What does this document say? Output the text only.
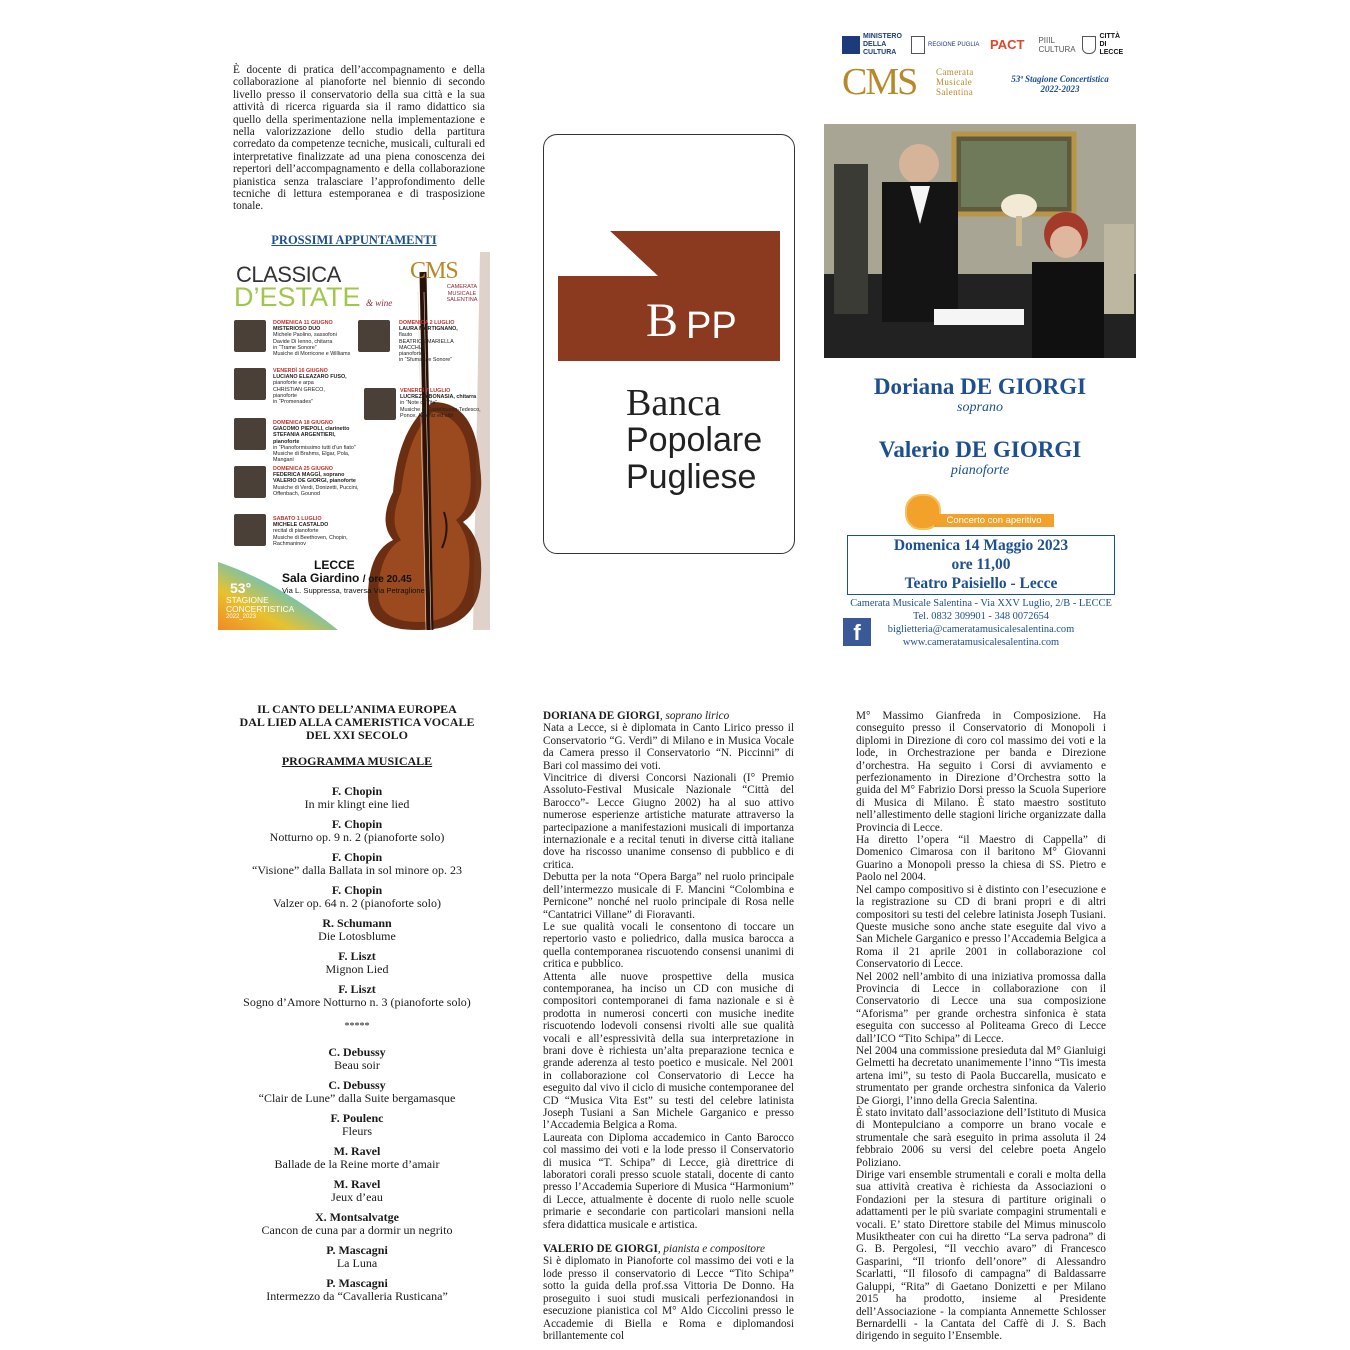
È docente di pratica dell’accompagnamento e della collaborazione al pianoforte nel biennio di secondo livello presso il conservatorio della sua città e la sua attività di ricerca riguarda sia il ramo didattico sia quello della sperimentazione nella implementazione e nella valorizzazione dello studio della partitura corredato da competenze tecniche, musicali, culturali ed interpretative finalizzate ad una piena conoscenza dei repertori dell’accompagnamento e della collaborazione pianistica senza tralasciare l’approfondimento delle tecniche di lettura estemporanea e di trasposizione tonale.
PROSSIMI APPUNTAMENTI
CLASSICA
D’ESTATE & wine
CMS
CAMERATA MUSICALE SALENTINA
DOMENICA 11 GIUGNO
MISTERIOSO DUO
Michele Paolino, sassofoni
Davide Di Ienno, chitarra
in “Trame Sonore”
Musiche di Morricone e Williams
DOMENICA 2 LUGLIO
LAURA MARTIGNANO,
flauto
BEATRICE MARIELLA MACCHIA
pianoforte
in “Sfumature Sonore”
VENERDÌ 16 GIUGNO
LUCIANO ELEAZARO FUSO,
pianoforte e arpa
CHRISTIAN GRECO,
pianoforte
in “Promenades”
VENERDÌ 7 LUGLIO
LUCREZIA BONASIA, chitarra
in “Note di Vita”
Musiche di Castelnuovo-Tedesco,
Ponce, Albeniz ed altri
DOMENICA 18 GIUGNO
GIACOMO PIEPOLI, clarinetto
STEFANIA ARGENTIERI, pianoforte
in “Pianoformissimo tutti d’un fiato”
Musiche di Brahms, Elgar, Pola, Mangani
DOMENICA 25 GIUGNO
FEDERICA MAGGÌ, soprano
VALERIO DE GIORGI, pianoforte
Musiche di Verdi, Donizetti, Puccini,
Offenbach, Gounod
SABATO 1 LUGLIO
MICHELE CASTALDO
recital di pianoforte
Musiche di Beethoven, Chopin,
Rachmaninov
LECCE
Sala Giardino / ore 20.45
Via L. Suppressa, traversa Via Petraglione
53°
STAGIONE
CONCERTISTICA
2022_2023
B PP
Banca
Popolare
Pugliese
MINISTERO DELLA CULTURA
REGIONE PUGLIA PACT PIIIL CULTURA
CITTÀ DI LECCE
CMS Camerata
Musicale
Salentina
53ª Stagione Concertistica
2022-2023
Doriana DE GIORGI
soprano
Valerio DE GIORGI
pianoforte
Concerto con aperitivo
Domenica 14 Maggio 2023
ore 11,00
Teatro Paisiello - Lecce
Camerata Musicale Salentina - Via XXV Luglio, 2/B - LECCE
f
Tel. 0832 309901 - 348 0072654
biglietteria@cameratamusicalesalentina.com
www.cameratamusicalesalentina.com
IL CANTO DELL’ANIMA EUROPEA
DAL LIED ALLA CAMERISTICA VOCALE
DEL XXI SECOLO
PROGRAMMA MUSICALE
F. Chopin
In mir klingt eine lied
F. Chopin
Notturno op. 9 n. 2 (pianoforte solo)
F. Chopin
“Visione” dalla Ballata in sol minore op. 23
F. Chopin
Valzer op. 64 n. 2 (pianoforte solo)
R. Schumann
Die Lotosblume
F. Liszt
Mignon Lied
F. Liszt
Sogno d’Amore Notturno n. 3 (pianoforte solo)
*****
C. Debussy
Beau soir
C. Debussy
“Clair de Lune” dalla Suite bergamasque
F. Poulenc
Fleurs
M. Ravel
Ballade de la Reine morte d’amair
M. Ravel
Jeux d’eau
X. Montsalvatge
Cancon de cuna par a dormir un negrito
P. Mascagni
La Luna
P. Mascagni
Intermezzo da “Cavalleria Rusticana”

DORIANA DE GIORGI, soprano lirico

Nata a Lecce, si è diplomata in Canto Lirico presso il Conservatorio “G. Verdi” di Milano e in Musica Vocale da Camera presso il Conservatorio “N. Piccinni” di Bari col massimo dei voti.

Vincitrice di diversi Concorsi Nazionali (I° Premio Assoluto-Festival Musicale Nazionale “Città del Barocco”- Lecce Giugno 2002) ha al suo attivo numerose esperienze artistiche maturate attraverso la partecipazione a manifestazioni musicali di importanza internazionale e a recital tenuti in diverse città italiane dove ha riscosso unanime consenso di pubblico e di critica.

Debutta per la nota “Opera Barga” nel ruolo principale dell’intermezzo musicale di F. Mancini “Colombina e Pernicone” nonché nel ruolo principale di Rosa nelle “Cantatrici Villane” di Fioravanti.

Le sue qualità vocali le consentono di toccare un repertorio vasto e poliedrico, dalla musica barocca a quella contemporanea riscuotendo consensi unanimi di critica e pubblico.

Attenta alle nuove prospettive della musica contemporanea, ha inciso un CD con musiche di compositori contemporanei di fama nazionale e si è prodotta in numerosi concerti con musiche inedite riscuotendo lodevoli consensi rivolti alle sue qualità vocali e all’espressività della sua interpretazione in brani dove è richiesta un’alta preparazione tecnica e grande aderenza al testo poetico e musicale. Nel 2001 in collaborazione col Conservatorio di Lecce ha eseguito dal vivo il ciclo di musiche contemporanee del CD “Musica Vita Est” su testi del celebre latinista Joseph Tusiani a San Michele Garganico e presso l’Accademia Belgica a Roma.

Laureata con Diploma accademico in Canto Barocco col massimo dei voti e la lode presso il Conservatorio di musica “T. Schipa” di Lecce, già direttrice di laboratori corali presso scuole statali, docente di canto presso l’Accademia Superiore di Musica “Harmonium” di Lecce, attualmente è docente di ruolo nelle scuole primarie e secondarie con particolari mansioni nella sfera didattica musicale e artistica.

VALERIO DE GIORGI, pianista e compositore

Si è diplomato in Pianoforte col massimo dei voti e la lode presso il conservatorio di Lecce “Tito Schipa” sotto la guida della prof.ssa Vittoria De Donno. Ha proseguito i suoi studi musicali perfezionandosi in esecuzione pianistica col M° Aldo Ciccolini presso le Accademie di Biella e Roma e diplomandosi brillantemente col

M° Massimo Gianfreda in Composizione. Ha conseguito presso il Conservatorio di Monopoli i diplomi in Direzione di coro col massimo dei voti e la lode, in Orchestrazione per banda e Direzione d’orchestra. Ha seguito i Corsi di avviamento e perfezionamento in Direzione d’Orchestra sotto la guida del M° Fabrizio Dorsi presso la Scuola Superiore di Musica di Milano. È stato maestro sostituto nell’allestimento delle stagioni liriche organizzate dalla Provincia di Lecce.

Ha diretto l’opera “il Maestro di Cappella” di Domenico Cimarosa con il baritono M° Giovanni Guarino a Monopoli presso la chiesa di SS. Pietro e Paolo nel 2004.

Nel campo compositivo si è distinto con l’esecuzione e la registrazione su CD di brani propri e di altri compositori su testi del celebre latinista Joseph Tusiani. Queste musiche sono anche state eseguite dal vivo a San Michele Garganico e presso l’Accademia Belgica a Roma il 21 aprile 2001 in collaborazione col Conservatorio di Lecce.

Nel 2002 nell’ambito di una iniziativa promossa dalla Provincia di Lecce in collaborazione con il Conservatorio di Lecce una sua composizione “Aforisma” per grande orchestra sinfonica è stata eseguita con successo al Politeama Greco di Lecce dall’ICO “Tito Schipa” di Lecce.

Nel 2004 una commissione presieduta dal M° Gianluigi Gelmetti ha decretato unanimemente l’inno “Tis imesta artena imi”, su testo di Paola Buccarella, musicato e strumentato per grande orchestra sinfonica da Valerio De Giorgi, l’inno della Grecia Salentina.

È stato invitato dall’associazione dell’Istituto di Musica di Montepulciano a comporre un brano vocale e strumentale che sarà eseguito in prima assoluta il 24 febbraio 2006 su versi del celebre poeta Angelo Poliziano.

Dirige vari ensemble strumentali e corali e molta della sua attività creativa è richiesta da Associazioni o Fondazioni per la stesura di partiture originali o adattamenti per le più svariate compagini strumentali e vocali. E’ stato Direttore stabile del Mimus minuscolo Musiktheater con cui ha diretto “La serva padrona” di G. B. Pergolesi, “Il vecchio avaro” di Francesco Gasparini, “Il trionfo dell’onore” di Alessandro Scarlatti, “Il filosofo di campagna” di Baldassarre Galuppi, “Rita” di Gaetano Donizetti e per Milano 2015 ha prodotto, insieme al Presidente dell’Associazione - la compianta Annemette Schlosser Bernardelli - la Cantata del Caffè di J. S. Bach dirigendo in seguito l’Ensemble.
